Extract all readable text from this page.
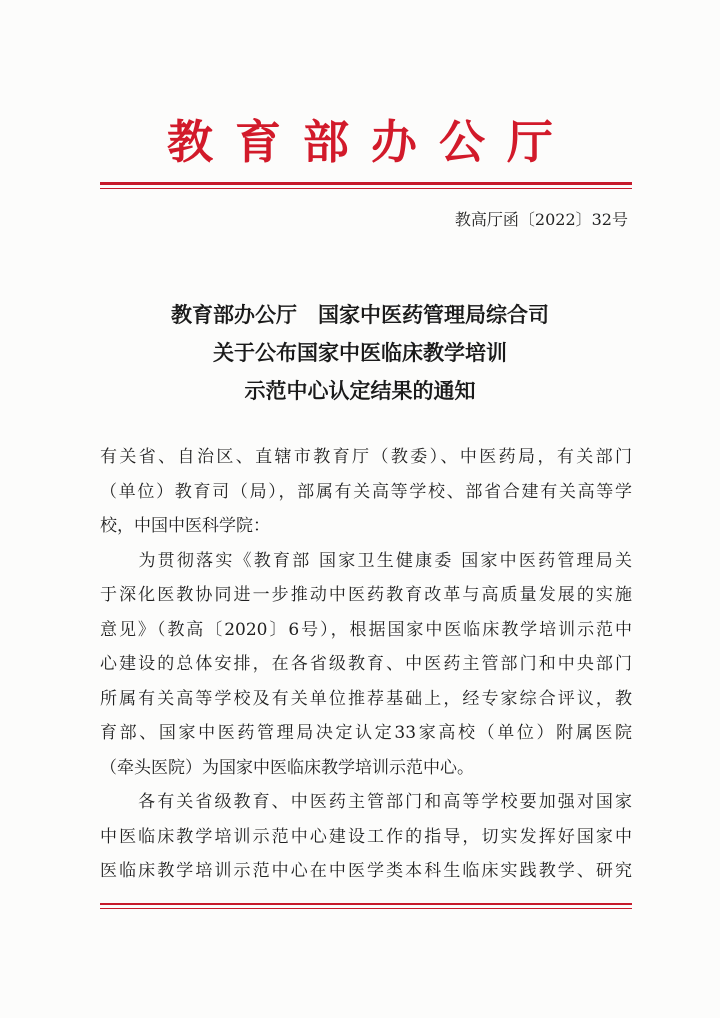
教育部办公厅
教高厅函〔2022〕32号
教育部办公厅　国家中医药管理局综合司
关于公布国家中医临床教学培训
示范中心认定结果的通知
有关省、自治区、直辖市教育厅（教委）、中医药局，有关部门
（单位）教育司（局），部属有关高等学校、部省合建有关高等学
校，中国中医科学院：
　　为贯彻落实《教育部 国家卫生健康委 国家中医药管理局关
于深化医教协同进一步推动中医药教育改革与高质量发展的实施
意见》（教高〔2020〕6号），根据国家中医临床教学培训示范中
心建设的总体安排，在各省级教育、中医药主管部门和中央部门
所属有关高等学校及有关单位推荐基础上，经专家综合评议，教
育部、国家中医药管理局决定认定33家高校（单位）附属医院
（牵头医院）为国家中医临床教学培训示范中心。
　　各有关省级教育、中医药主管部门和高等学校要加强对国家
中医临床教学培训示范中心建设工作的指导，切实发挥好国家中
医临床教学培训示范中心在中医学类本科生临床实践教学、研究
